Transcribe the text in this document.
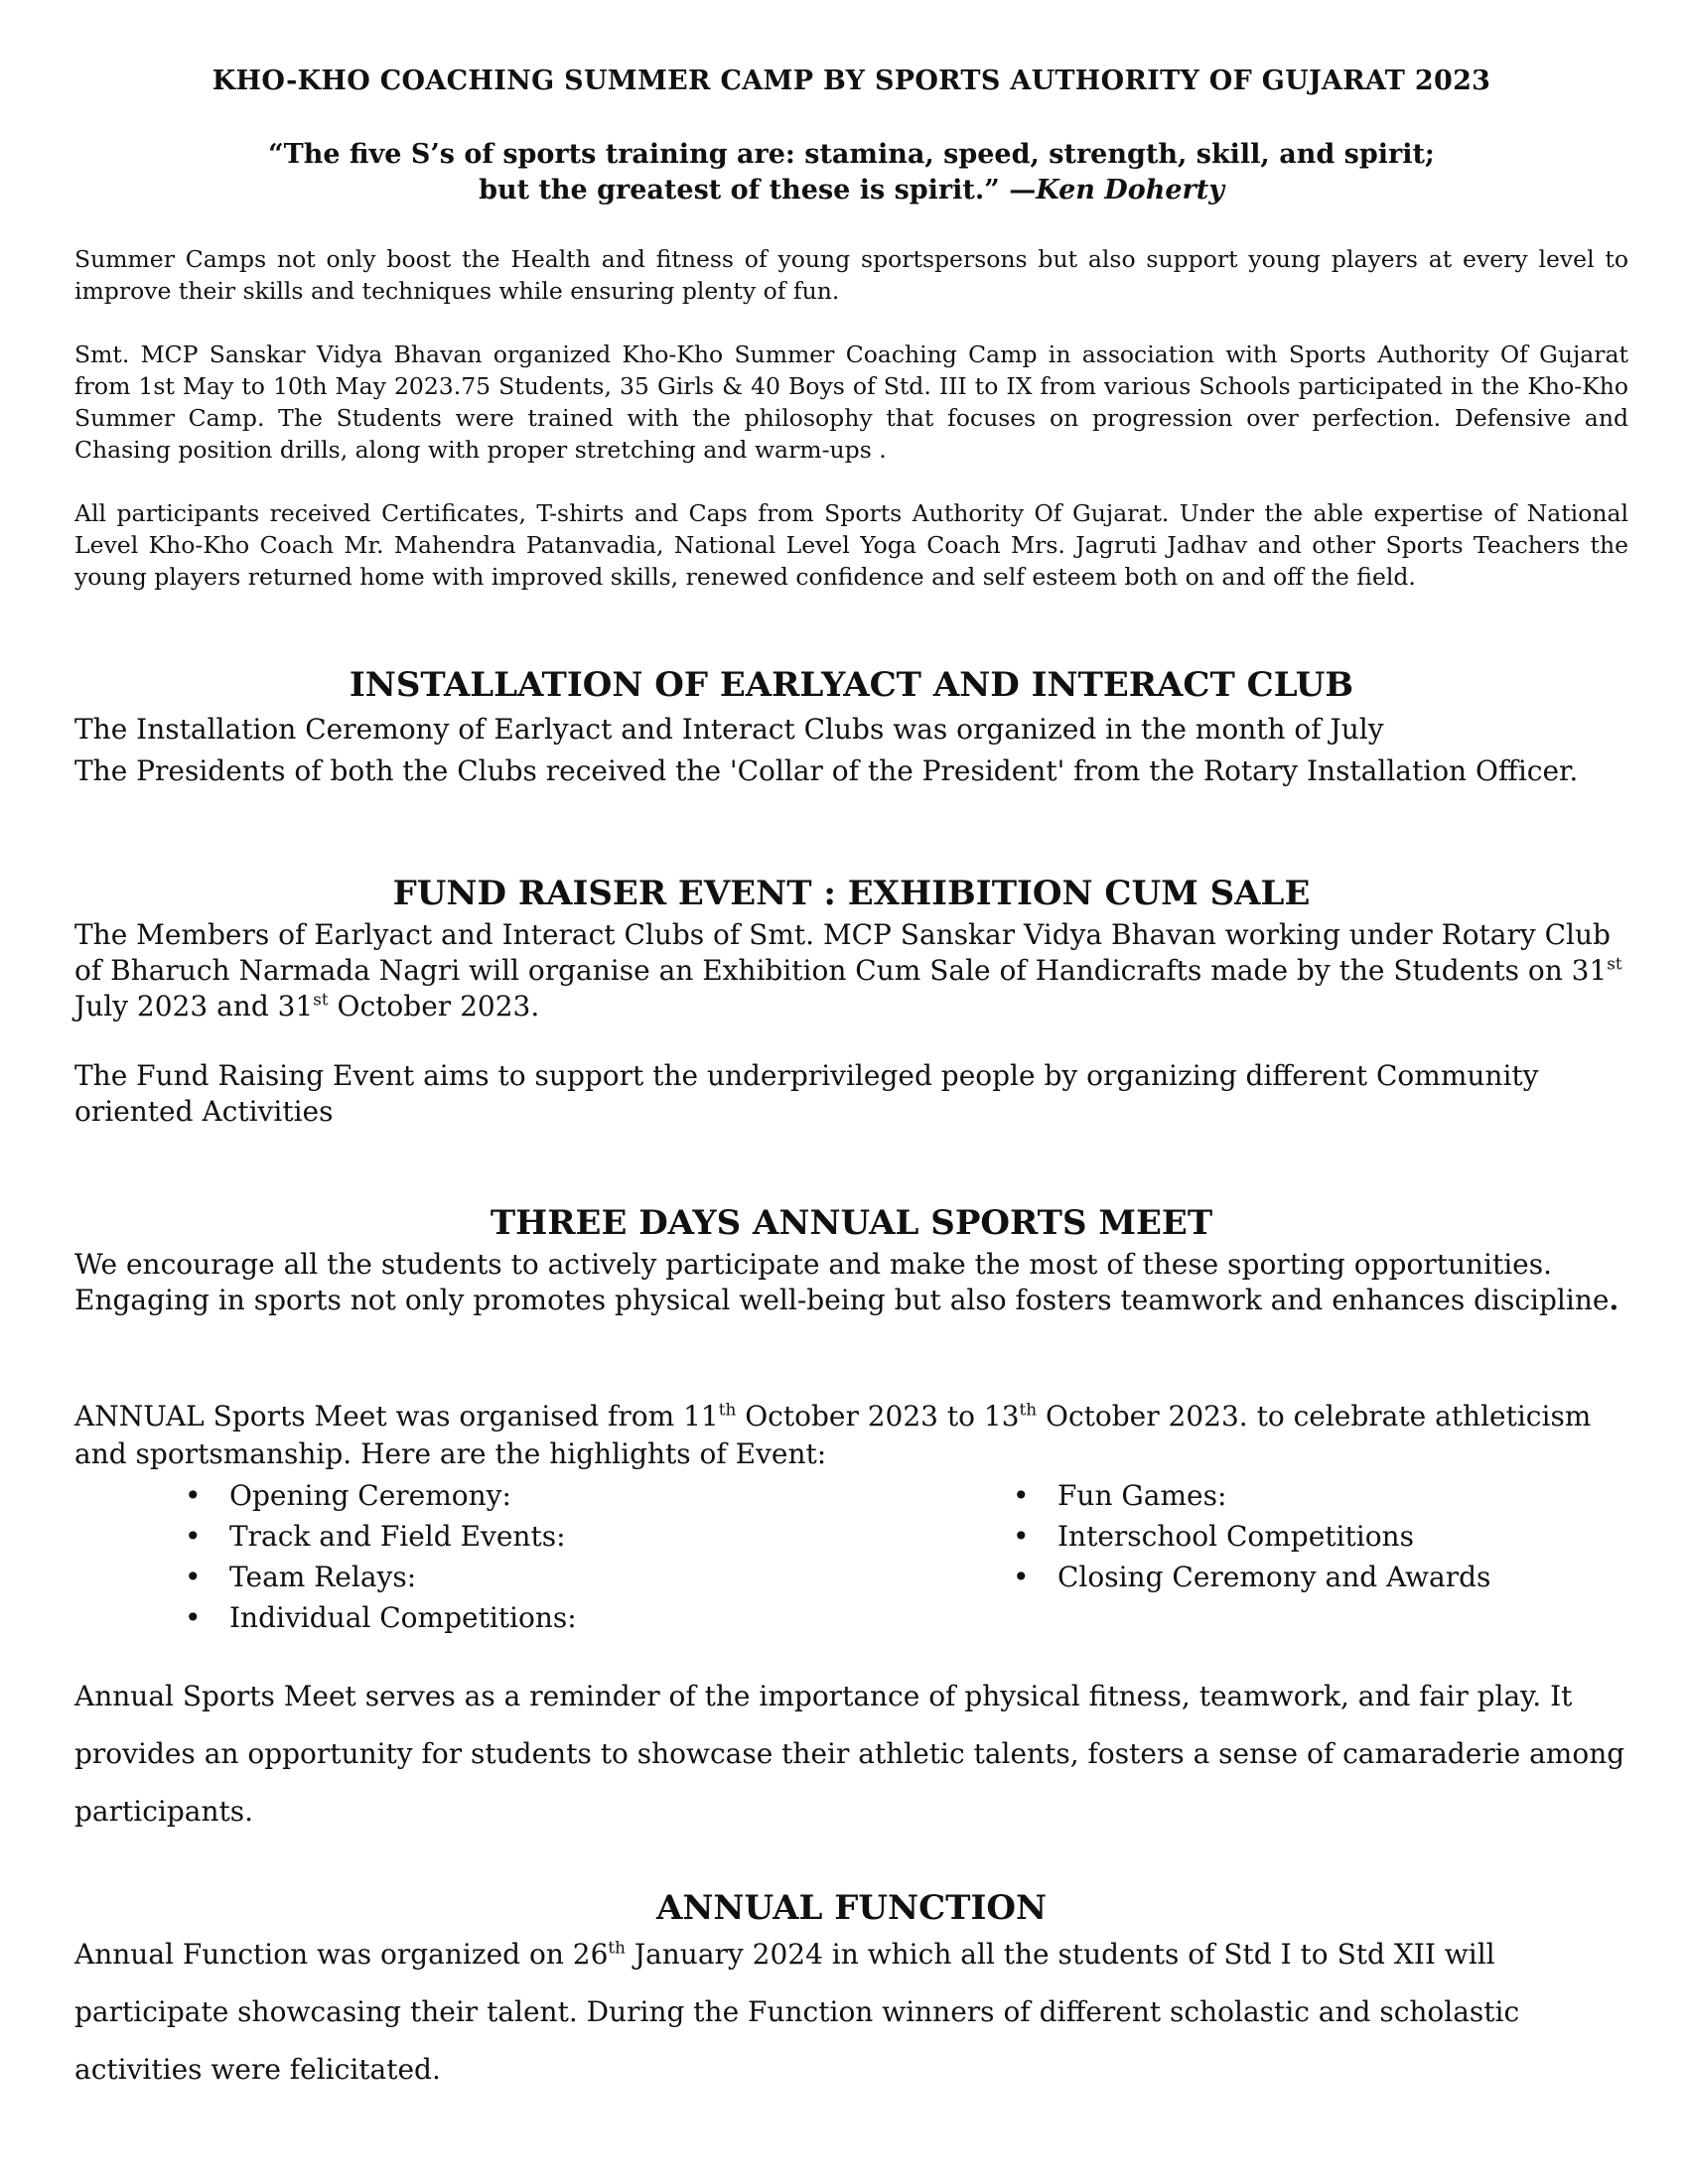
KHO-KHO COACHING SUMMER CAMP BY SPORTS AUTHORITY OF GUJARAT 2023
“The five S’s of sports training are: stamina, speed, strength, skill, and spirit;
but the greatest of these is spirit.” —Ken Doherty
Summer Camps not only boost the Health and fitness of young sportspersons but also support young players at every level to improve their skills and techniques while ensuring plenty of fun.
Smt. MCP Sanskar Vidya Bhavan organized Kho-Kho Summer Coaching Camp in association with Sports Authority Of Gujarat from 1st May to 10th May 2023.75 Students, 35 Girls & 40 Boys of Std. III to IX from various Schools participated in the Kho-Kho Summer Camp. The Students were trained with the philosophy that focuses on progression over perfection. Defensive and Chasing position drills, along with proper stretching and warm-ups .
All participants received Certificates, T-shirts and Caps from Sports Authority Of Gujarat. Under the able expertise of National Level Kho-Kho Coach Mr. Mahendra Patanvadia, National Level Yoga Coach Mrs. Jagruti Jadhav and other Sports Teachers the young players returned home with improved skills, renewed confidence and self esteem both on and off the field.
INSTALLATION OF EARLYACT AND INTERACT CLUB
The Installation Ceremony of Earlyact and Interact Clubs was organized in the month of July
The Presidents of both the Clubs received the 'Collar of the President' from the Rotary Installation Officer.
FUND RAISER EVENT : EXHIBITION CUM SALE
The Members of Earlyact and Interact Clubs of Smt. MCP Sanskar Vidya Bhavan working under Rotary Club of Bharuch Narmada Nagri will organise an Exhibition Cum Sale of Handicrafts made by the Students on 31st July 2023 and 31st October 2023.
The Fund Raising Event aims to support the underprivileged people by organizing different Community oriented Activities
THREE DAYS ANNUAL SPORTS MEET
We encourage all the students to actively participate and make the most of these sporting opportunities. Engaging in sports not only promotes physical well-being but also fosters teamwork and enhances discipline.
ANNUAL Sports Meet was organised from 11th October 2023 to 13th October 2023. to celebrate athleticism and sportsmanship. Here are the highlights of Event:
• Opening Ceremony:
• Track and Field Events:
• Team Relays:
• Individual Competitions:
• Fun Games:
• Interschool Competitions
• Closing Ceremony and Awards
Annual Sports Meet serves as a reminder of the importance of physical fitness, teamwork, and fair play. It provides an opportunity for students to showcase their athletic talents, fosters a sense of camaraderie among participants.
ANNUAL FUNCTION
Annual Function was organized on 26th January 2024 in which all the students of Std I to Std XII will participate showcasing their talent. During the Function winners of different scholastic and scholastic activities were felicitated.
